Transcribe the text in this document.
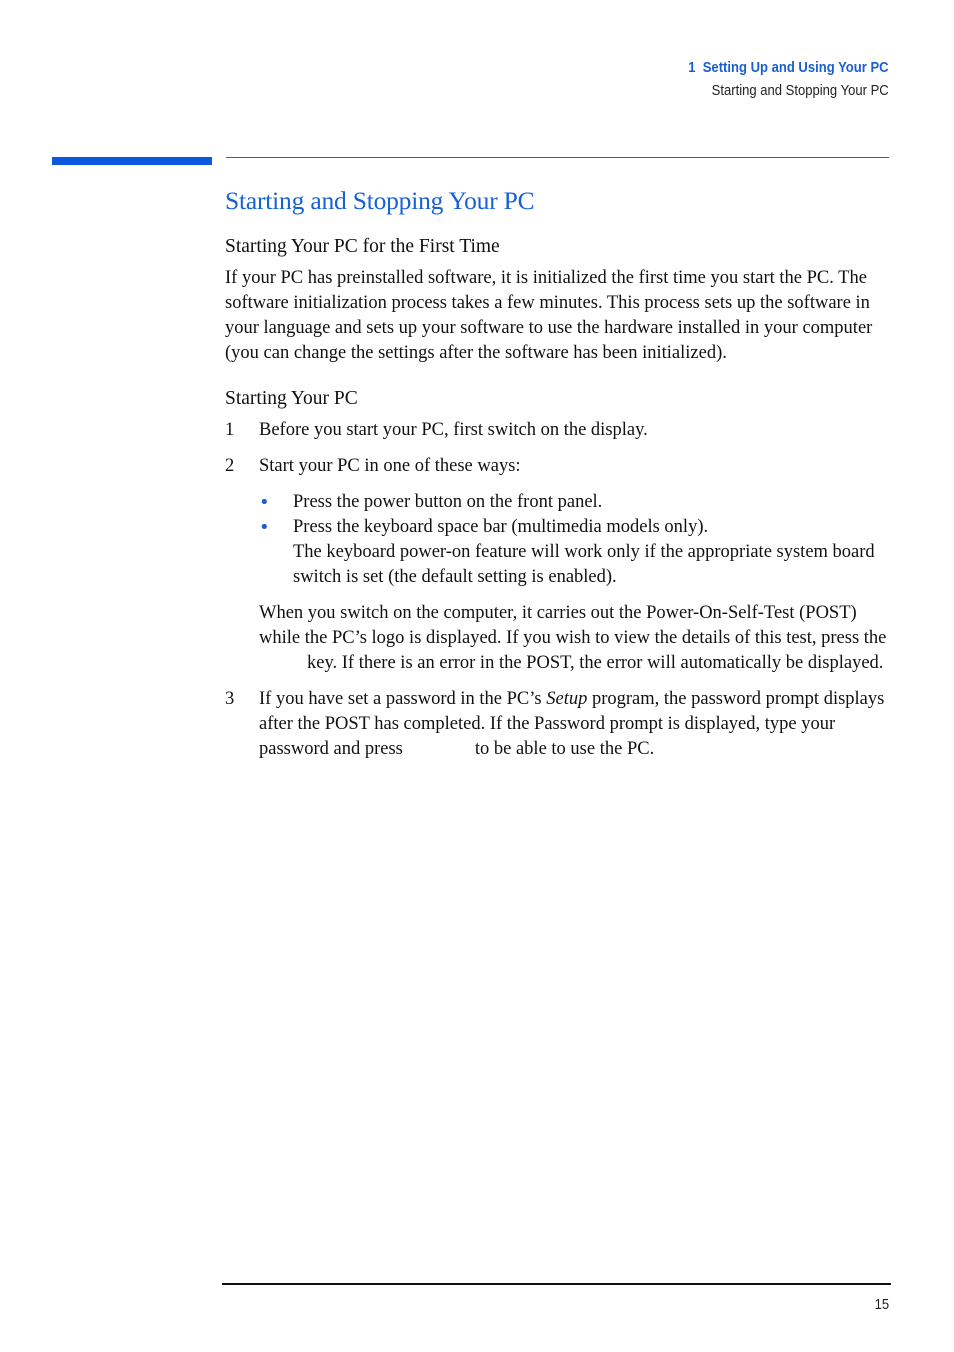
1 Setting Up and Using Your PC
Starting and Stopping Your PC
Starting and Stopping Your PC
Starting Your PC for the First Time

If your PC has preinstalled software, it is initialized the first time you start the PC. The software initialization process takes a few minutes. This process sets up the software in your language and sets up your software to use the hardware installed in your computer (you can change the settings after the software has been initialized).

Starting Your PC
1 Before you start your PC, first switch on the display.
2 Start your PC in one of these ways:
• Press the power button on the front panel.
• Press the keyboard space bar (multimedia models only).
The keyboard power-on feature will work only if the appropriate system board switch is set (the default setting is enabled).

When you switch on the computer, it carries out the Power-On-Self-Test (POST) while the PC’s logo is displayed. If you wish to view the details of this test, press thekey. If there is an error in the POST, the error will automatically be displayed.

3 If you have set a password in the PC’s Setup program, the password prompt displays after the POST has completed. If the Password prompt is displayed, type your password and press	to be able to use the PC.
15
